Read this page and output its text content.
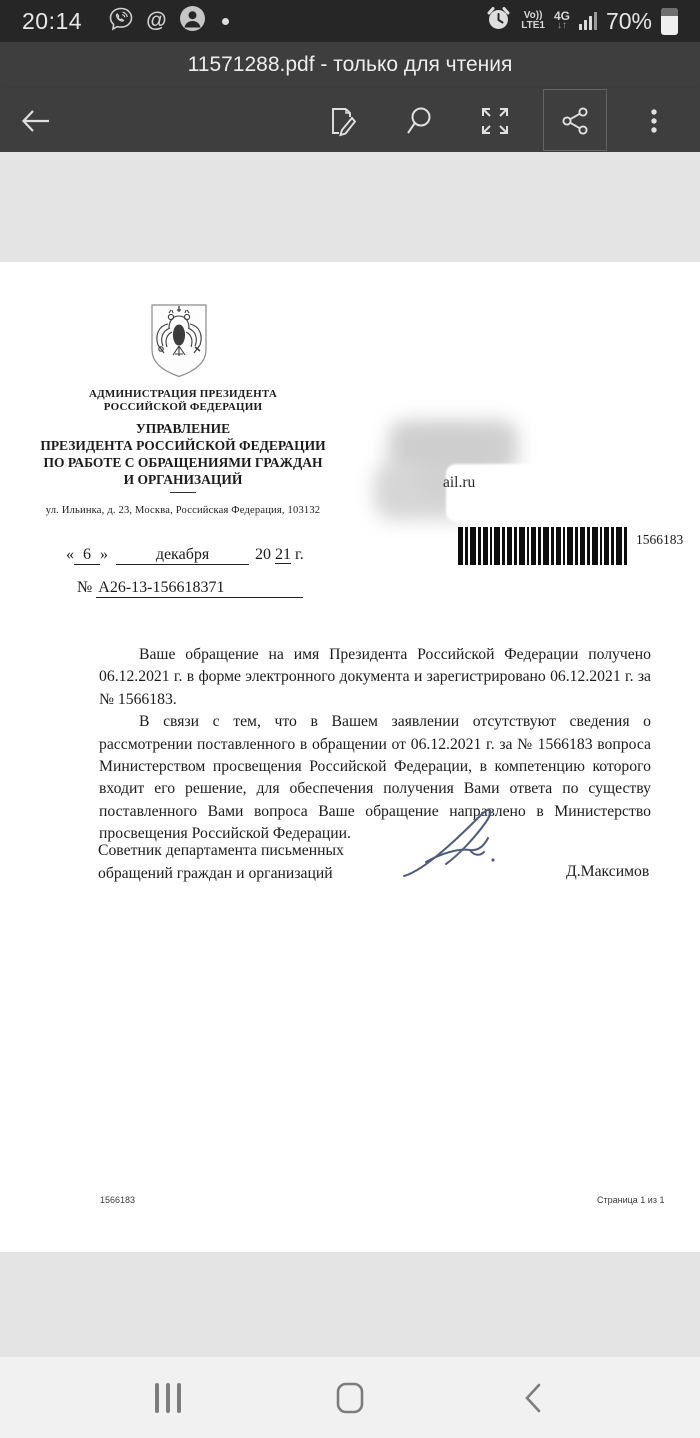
20:14	@	Vo))
LTE1
4G
↓↑ 70%
11571288.pdf - только для чтения
АДМИНИСТРАЦИЯ ПРЕЗИДЕНТА
РОССИЙСКОЙ ФЕДЕРАЦИИ
УПРАВЛЕНИЕ
ПРЕЗИДЕНТА РОССИЙСКОЙ ФЕДЕРАЦИИ
ПО РАБОТЕ С ОБРАЩЕНИЯМИ ГРАЖДАН
И ОРГАНИЗАЦИЙ
ул. Ильинка, д. 23, Москва, Российская Федерация, 103132
ail.ru
1566183
« 6 »	декабря	20 21 г.
№ А26-13-156618371

Ваше обращение на имя Президента Российской Федерации получено 06.12.2021 г. в форме электронного документа и зарегистрировано 06.12.2021 г. за № 1566183.

В связи с тем, что в Вашем заявлении отсутствуют сведения о рассмотрении поставленного в обращении от 06.12.2021 г. за № 1566183 вопроса Министерством просвещения Российской Федерации, в компетенцию которого входит его решение, для обеспечения получения Вами ответа по существу поставленного Вами вопроса Ваше обращение направлено в Министерство просвещения Российской Федерации.

Советник департамента письменных
обращений граждан и организаций	Д.Максимов
1566183	Страница 1 из 1
